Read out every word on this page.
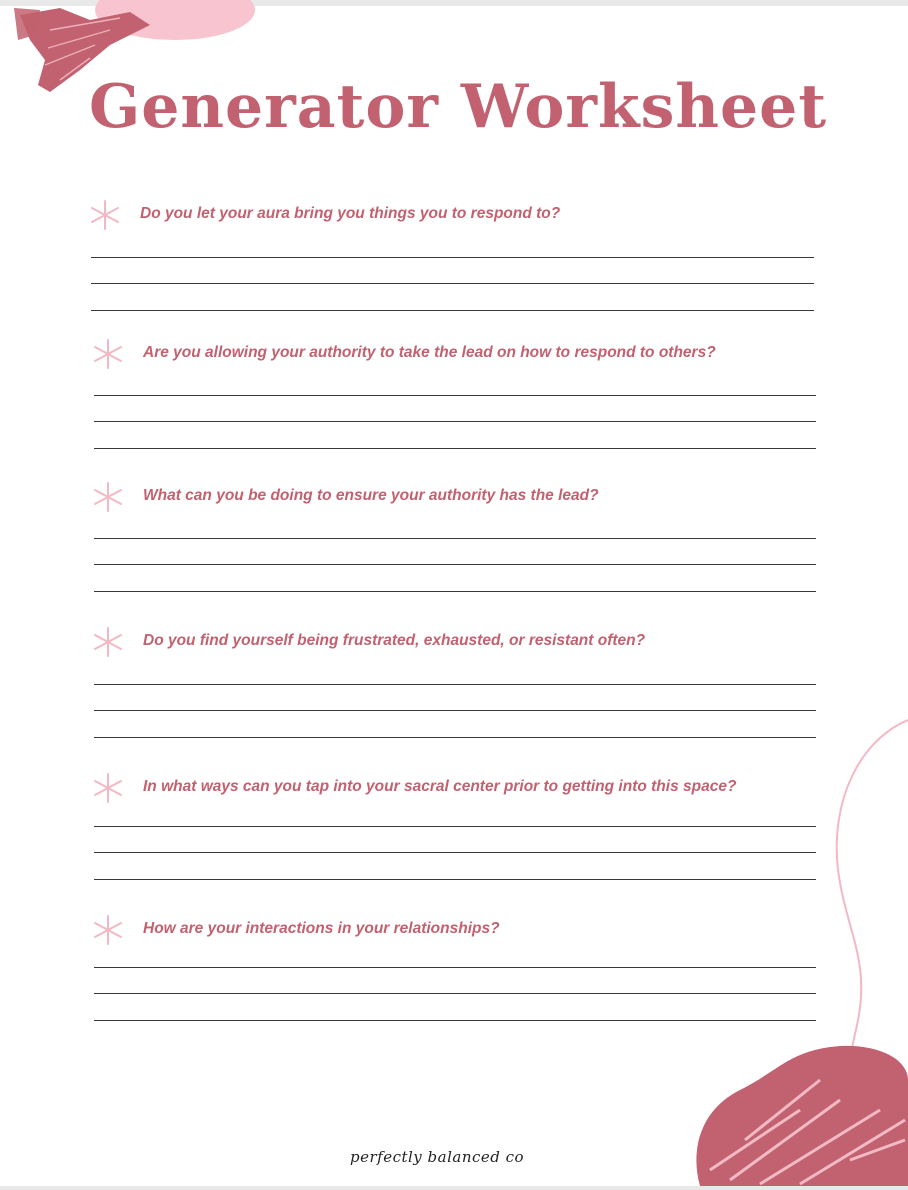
Generator Worksheet
Do you let your aura bring you things you to respond to?
Are you allowing your authority to take the lead on how to respond to others?
What can you be doing to ensure your authority has the lead?
Do you find yourself being frustrated, exhausted, or resistant often?
In what ways can you tap into your sacral center prior to getting into this space?
How are your interactions in your relationships?
perfectly balanced co
